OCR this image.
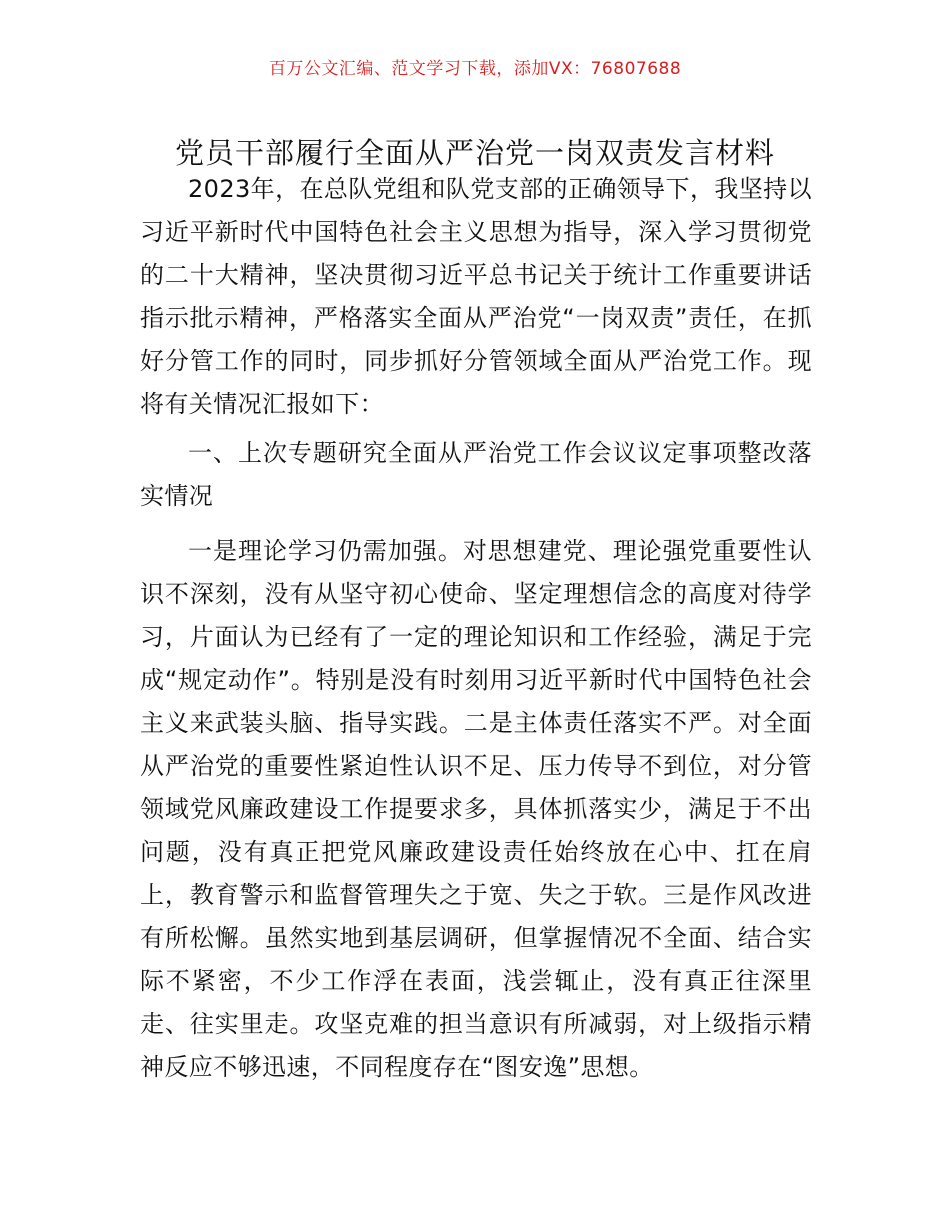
百万公文汇编、范文学习下载，添加VX：76807688
党员干部履行全面从严治党一岗双责发言材料

2023年，在总队党组和队党支部的正确领导下，我坚持以习近平新时代中国特色社会主义思想为指导，深入学习贯彻党的二十大精神，坚决贯彻习近平总书记关于统计工作重要讲话指示批示精神，严格落实全面从严治党“一岗双责”责任，在抓好分管工作的同时，同步抓好分管领域全面从严治党工作。现将有关情况汇报如下：

一、上次专题研究全面从严治党工作会议议定事项整改落实情况

一是理论学习仍需加强。对思想建党、理论强党重要性认识不深刻，没有从坚守初心使命、坚定理想信念的高度对待学习，片面认为已经有了一定的理论知识和工作经验，满足于完成“规定动作”。特别是没有时刻用习近平新时代中国特色社会主义来武装头脑、指导实践。二是主体责任落实不严。对全面从严治党的重要性紧迫性认识不足、压力传导不到位，对分管领域党风廉政建设工作提要求多，具体抓落实少，满足于不出问题，没有真正把党风廉政建设责任始终放在心中、扛在肩上，教育警示和监督管理失之于宽、失之于软。三是作风改进有所松懈。虽然实地到基层调研，但掌握情况不全面、结合实际不紧密，不少工作浮在表面，浅尝辄止，没有真正往深里走、往实里走。攻坚克难的担当意识有所减弱，对上级指示精神反应不够迅速，不同程度存在“图安逸”思想。
